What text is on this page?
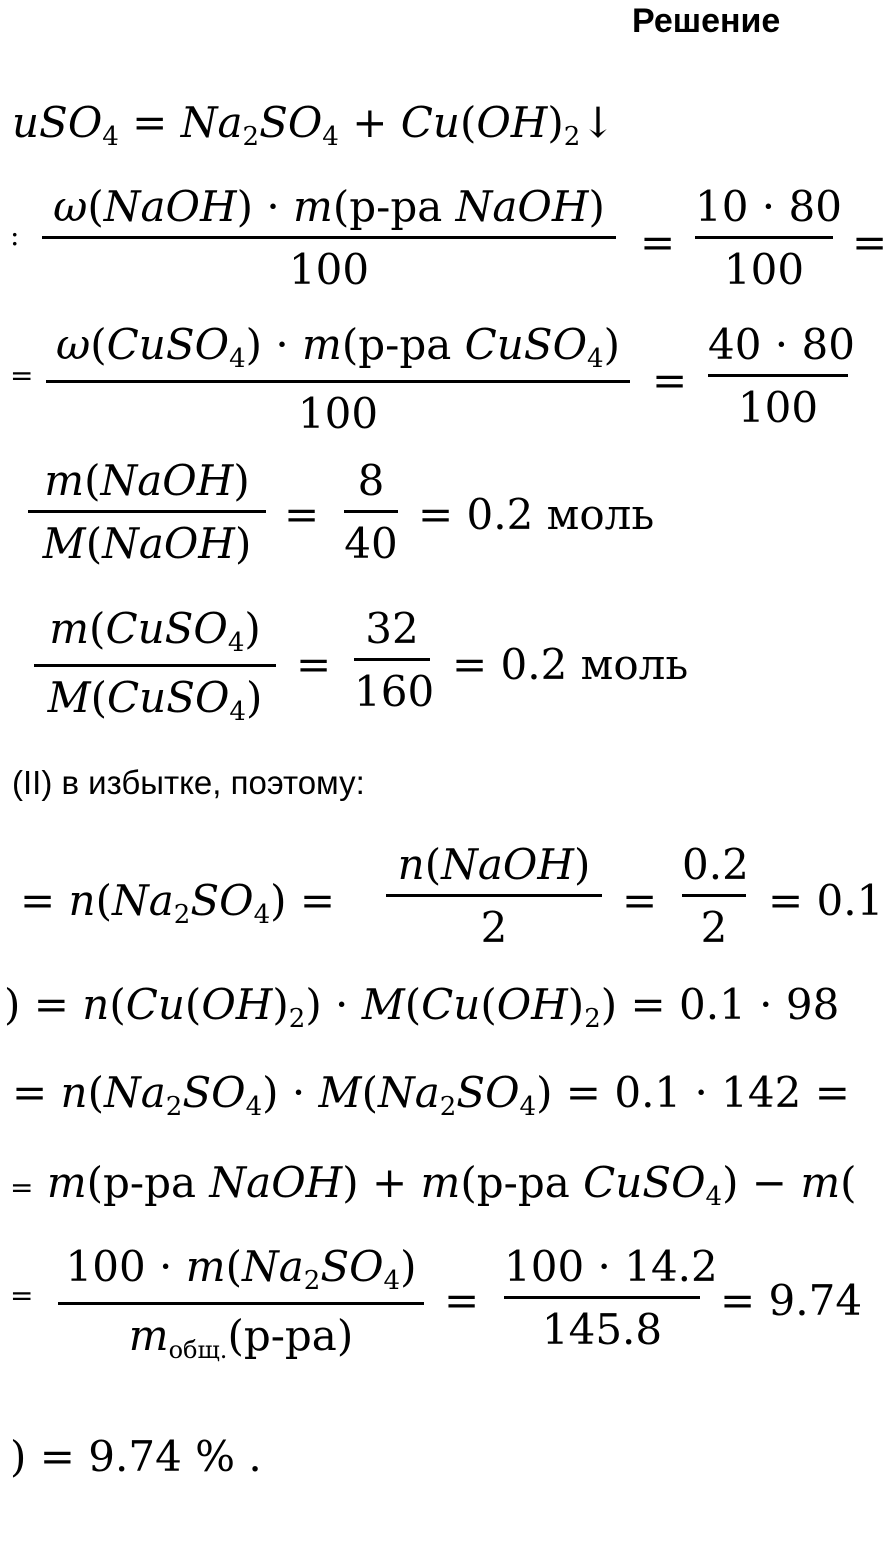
Решение
$uSO_4 = Na_2SO_4$ + $Cu(OH)_2↓$
:
ω(NaOH) · m(р-ра NaOH)
100
=
10 · 80
100
=
=
ω(CuSO$_4$) · m(р-ра CuSO$_4$)
100
=
40 · 80
100
m(NaOH)
M(NaOH)
=
8
40
= 0.2 моль
m(CuSO$_4$)
M(CuSO$_4$)
=
32
160
= 0.2 моль
(II) в избытке, поэтому:
= $n(Na_2SO_4)$ =
n(NaOH)
2
=
0.2
2
= 0.1
) = $n(Cu(OH)_2) \cdot M(Cu(OH)_2) = 0.1 \cdot 98$
= $n(Na_2SO_4) \cdot M(Na_2SO_4) = 0.1 \cdot 142$ =
= m(р-ра NaOH) + m(р-ра CuSO$_4$) − m(
=
$100 \cdot m(Na_2SO_4)$
$m_{общ.}(р-ра)$
=
100 · 14.2
145.8
= 9.74
) = 9.74 % .
